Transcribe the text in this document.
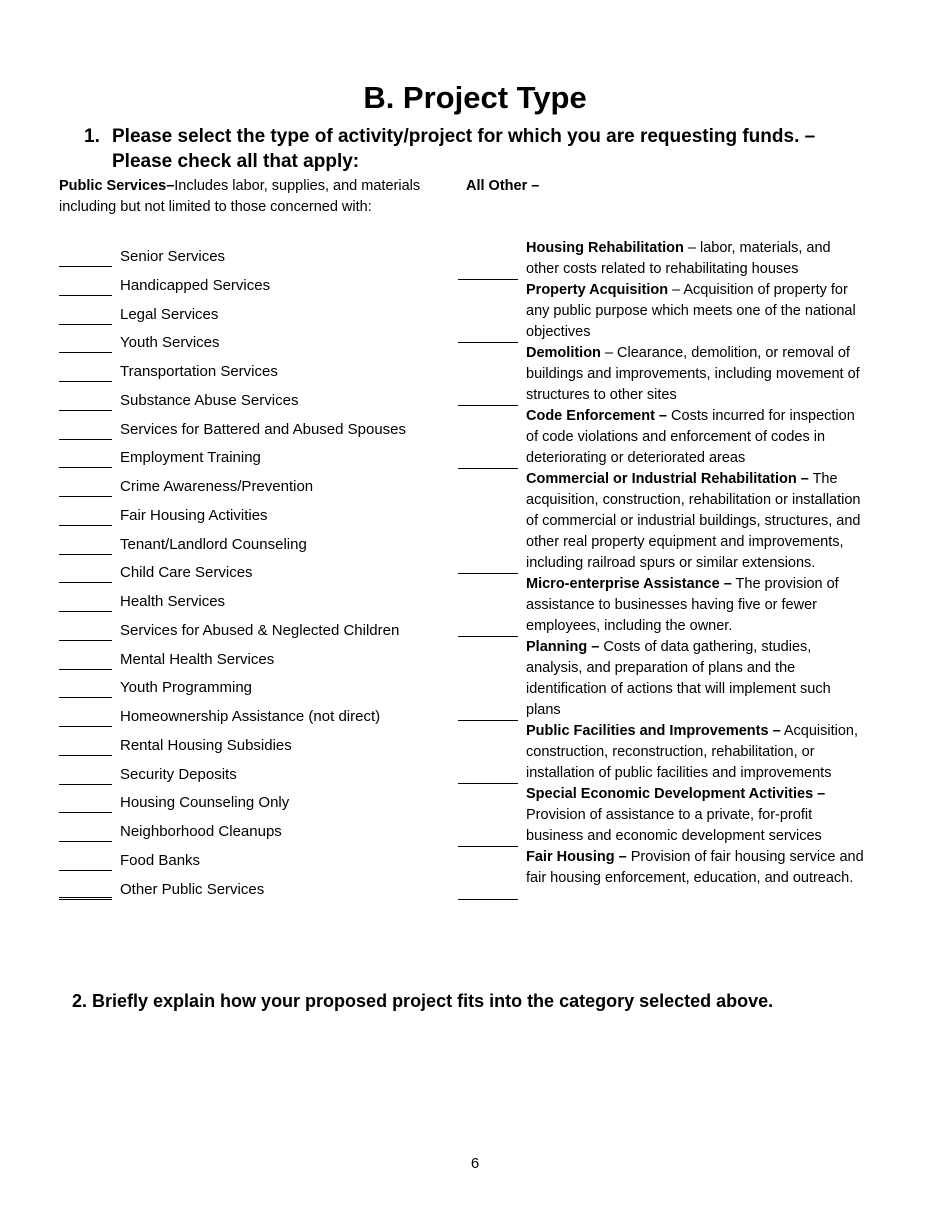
B. Project Type
1. Please select the type of activity/project for which you are requesting funds. – Please check all that apply:
Public Services–Includes labor, supplies, and materials including but not limited to those concerned with:
All Other –
Senior Services
Handicapped Services
Legal Services
Youth Services
Transportation Services
Substance Abuse Services
Services for Battered and Abused Spouses
Employment Training
Crime Awareness/Prevention
Fair Housing Activities
Tenant/Landlord Counseling
Child Care Services
Health Services
Services for Abused & Neglected Children
Mental Health Services
Youth Programming
Homeownership Assistance (not direct)
Rental Housing Subsidies
Security Deposits
Housing Counseling Only
Neighborhood Cleanups
Food Banks
Other Public Services
Housing Rehabilitation – labor, materials, and other costs related to rehabilitating houses
Property Acquisition – Acquisition of property for any public purpose which meets one of the national objectives
Demolition – Clearance, demolition, or removal of buildings and improvements, including movement of structures to other sites
Code Enforcement – Costs incurred for inspection of code violations and enforcement of codes in deteriorating or deteriorated areas
Commercial or Industrial Rehabilitation – The acquisition, construction, rehabilitation or installation of commercial or industrial buildings, structures, and other real property equipment and improvements, including railroad spurs or similar extensions.
Micro-enterprise Assistance – The provision of assistance to businesses having five or fewer employees, including the owner.
Planning – Costs of data gathering, studies, analysis, and preparation of plans and the identification of actions that will implement such plans
Public Facilities and Improvements – Acquisition, construction, reconstruction, rehabilitation, or installation of public facilities and improvements
Special Economic Development Activities – Provision of assistance to a private, for-profit business and economic development services
Fair Housing – Provision of fair housing service and fair housing enforcement, education, and outreach.

2. Briefly explain how your proposed project fits into the category selected above.

6
